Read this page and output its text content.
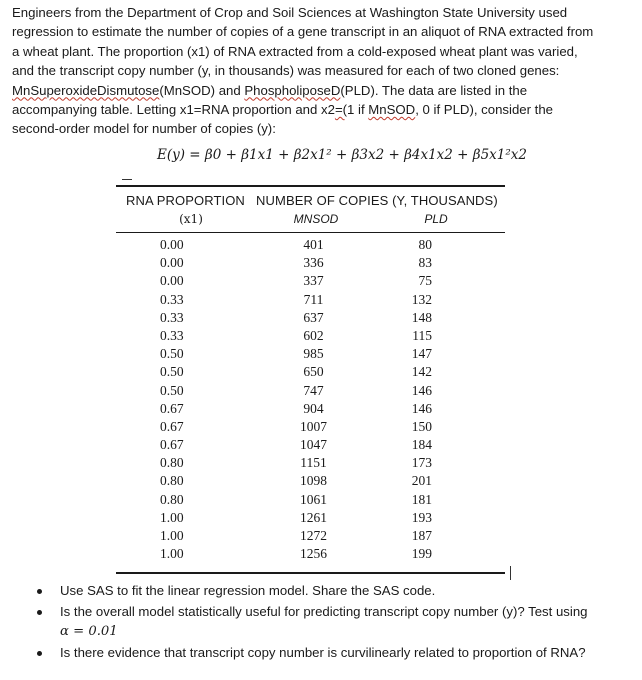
Engineers from the Department of Crop and Soil Sciences at Washington State University used
regression to estimate the number of copies of a gene transcript in an aliquot of RNA extracted from
a wheat plant. The proportion (x1) of RNA extracted from a cold-exposed wheat plant was varied,
and the transcript copy number (y, in thousands) was measured for each of two cloned genes:
MnSuperoxideDismutose(MnSOD) and PhospholiposeD(PLD). The data are listed in the
accompanying table. Letting x1=RNA proportion and x2=(1 if MnSOD, 0 if PLD), consider the
second-order model for number of copies (y):
E(y) = β0 + β1x1 + β2x1² + β3x2 + β4x1x2 + β5x1²x2
RNA PROPORTION   NUMBER OF COPIES (Y, THOUSANDS)
(x1)	MNSOD	PLD
0.00	401	80
0.00	336	83
0.00	337	75
0.33	711	132
0.33	637	148
0.33	602	115
0.50	985	147
0.50	650	142
0.50	747	146
0.67	904	146
0.67	1007	150
0.67	1047	184
0.80	1151	173
0.80	1098	201
0.80	1061	181
1.00	1261	193
1.00	1272	187
1.00	1256	199
Use SAS to fit the linear regression model. Share the SAS code.
Is the overall model statistically useful for predicting transcript copy number (y)? Test using
α = 0.01
Is there evidence that transcript copy number is curvilinearly related to proportion of RNA?
